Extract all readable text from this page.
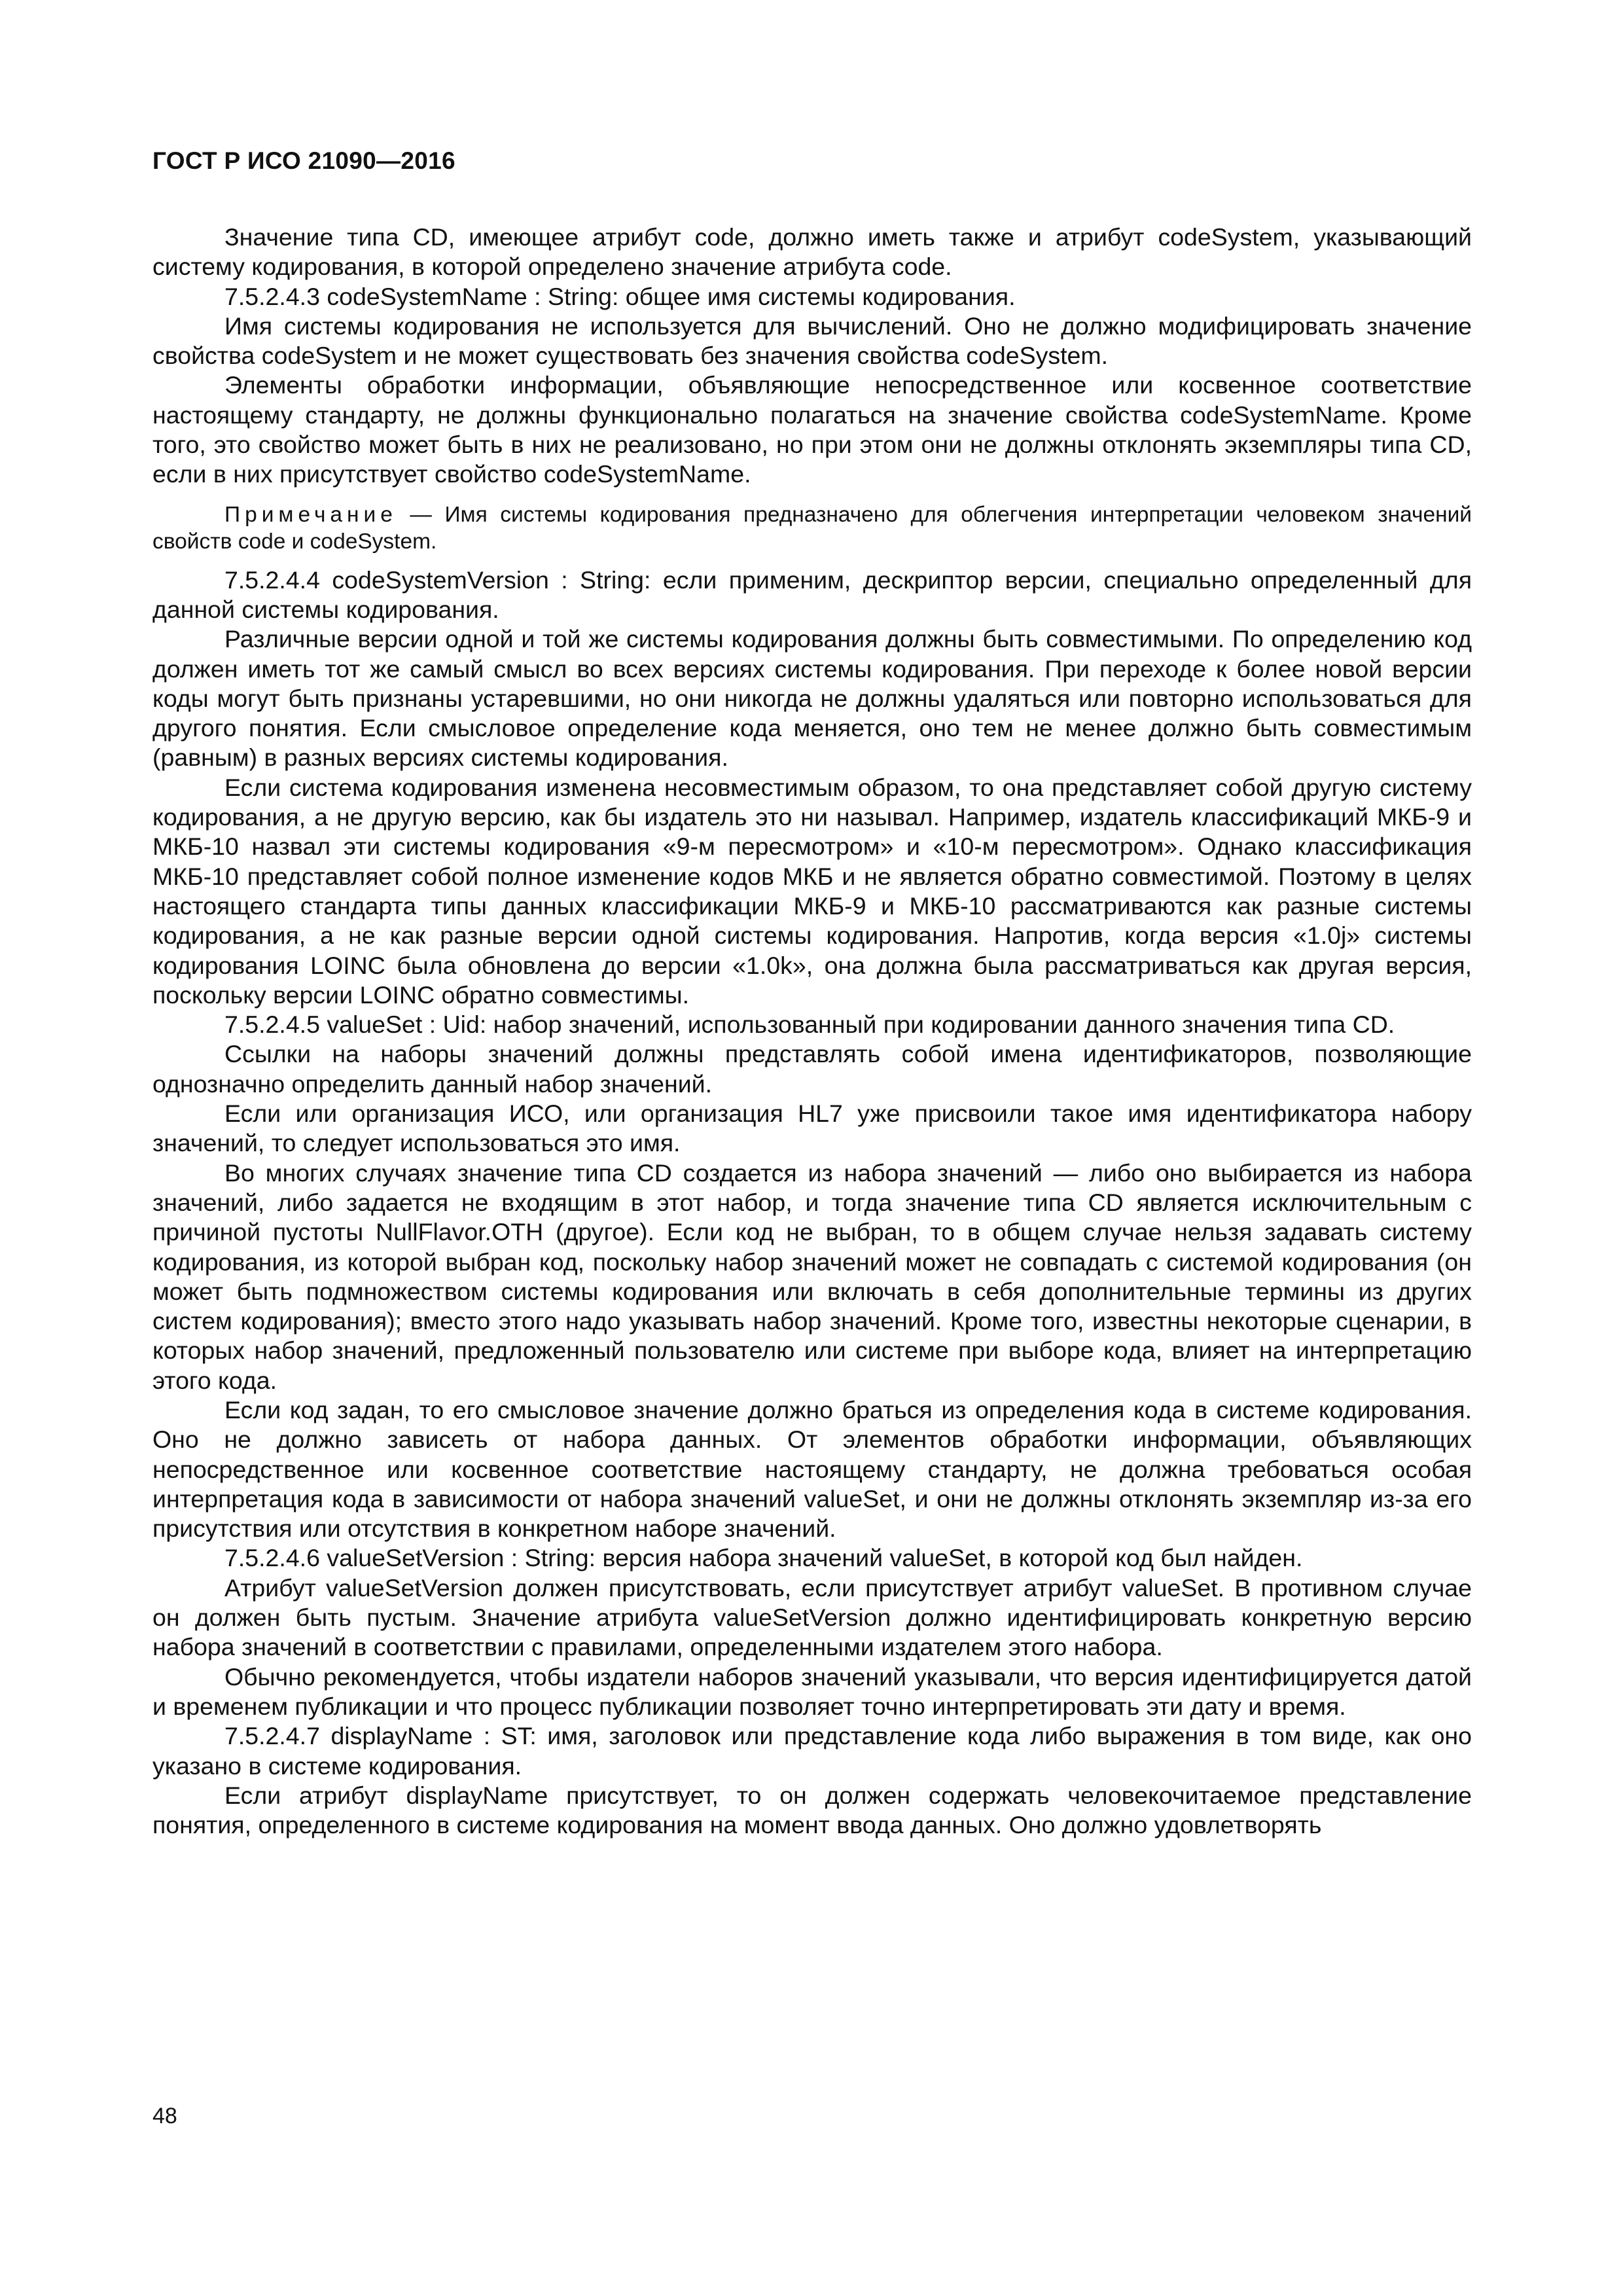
ГОСТ Р ИСО 21090—2016

Значение типа CD, имеющее атрибут code, должно иметь также и атрибут codeSystem, указывающий систему кодирования, в которой определено значение атрибута code.

7.5.2.4.3 codeSystemName : String: общее имя системы кодирования.

Имя системы кодирования не используется для вычислений. Оно не должно модифицировать значение свойства codeSystem и не может существовать без значения свойства codeSystem.

Элементы обработки информации, объявляющие непосредственное или косвенное соответствие настоящему стандарту, не должны функционально полагаться на значение свойства codeSystemName. Кроме того, это свойство может быть в них не реализовано, но при этом они не должны отклонять экземпляры типа CD, если в них присутствует свойство codeSystemName.

Примечание — Имя системы кодирования предназначено для облегчения интерпретации человеком значений свойств code и codeSystem.

7.5.2.4.4 codeSystemVersion : String: если применим, дескриптор версии, специально определенный для данной системы кодирования.

Различные версии одной и той же системы кодирования должны быть совместимыми. По определению код должен иметь тот же самый смысл во всех версиях системы кодирования. При переходе к более новой версии коды могут быть признаны устаревшими, но они никогда не должны удаляться или повторно использоваться для другого понятия. Если смысловое определение кода меняется, оно тем не менее должно быть совместимым (равным) в разных версиях системы кодирования.

Если система кодирования изменена несовместимым образом, то она представляет собой другую систему кодирования, а не другую версию, как бы издатель это ни называл. Например, издатель классификаций МКБ-9 и МКБ-10 назвал эти системы кодирования «9-м пересмотром» и «10-м пересмотром». Однако классификация МКБ-10 представляет собой полное изменение кодов МКБ и не является обратно совместимой. Поэтому в целях настоящего стандарта типы данных классификации МКБ-9 и МКБ-10 рассматриваются как разные системы кодирования, а не как разные версии одной системы кодирования. Напротив, когда версия «1.0j» системы кодирования LOINC была обновлена до версии «1.0k», она должна была рассматриваться как другая версия, поскольку версии LOINC обратно совместимы.

7.5.2.4.5 valueSet : Uid: набор значений, использованный при кодировании данного значения типа CD.

Ссылки на наборы значений должны представлять собой имена идентификаторов, позволяющие однозначно определить данный набор значений.

Если или организация ИСО, или организация HL7 уже присвоили такое имя идентификатора набору значений, то следует использоваться это имя.

Во многих случаях значение типа CD создается из набора значений — либо оно выбирается из набора значений, либо задается не входящим в этот набор, и тогда значение типа CD является исключительным с причиной пустоты NullFlavor.OTH (другое). Если код не выбран, то в общем случае нельзя задавать систему кодирования, из которой выбран код, поскольку набор значений может не совпадать с системой кодирования (он может быть подмножеством системы кодирования или включать в себя дополнительные термины из других систем кодирования); вместо этого надо указывать набор значений. Кроме того, известны некоторые сценарии, в которых набор значений, предложенный пользователю или системе при выборе кода, влияет на интерпретацию этого кода.

Если код задан, то его смысловое значение должно браться из определения кода в системе кодирования. Оно не должно зависеть от набора данных. От элементов обработки информации, объявляющих непосредственное или косвенное соответствие настоящему стандарту, не должна требоваться особая интерпретация кода в зависимости от набора значений valueSet, и они не должны отклонять экземпляр из-за его присутствия или отсутствия в конкретном наборе значений.

7.5.2.4.6 valueSetVersion : String: версия набора значений valueSet, в которой код был найден.

Атрибут valueSetVersion должен присутствовать, если присутствует атрибут valueSet. В противном случае он должен быть пустым. Значение атрибута valueSetVersion должно идентифицировать конкретную версию набора значений в соответствии с правилами, определенными издателем этого набора.

Обычно рекомендуется, чтобы издатели наборов значений указывали, что версия идентифицируется датой и временем публикации и что процесс публикации позволяет точно интерпретировать эти дату и время.

7.5.2.4.7 displayName : ST: имя, заголовок или представление кода либо выражения в том виде, как оно указано в системе кодирования.

Если атрибут displayName присутствует, то он должен содержать человекочитаемое представление понятия, определенного в системе кодирования на момент ввода данных. Оно должно удовлетворять

48
